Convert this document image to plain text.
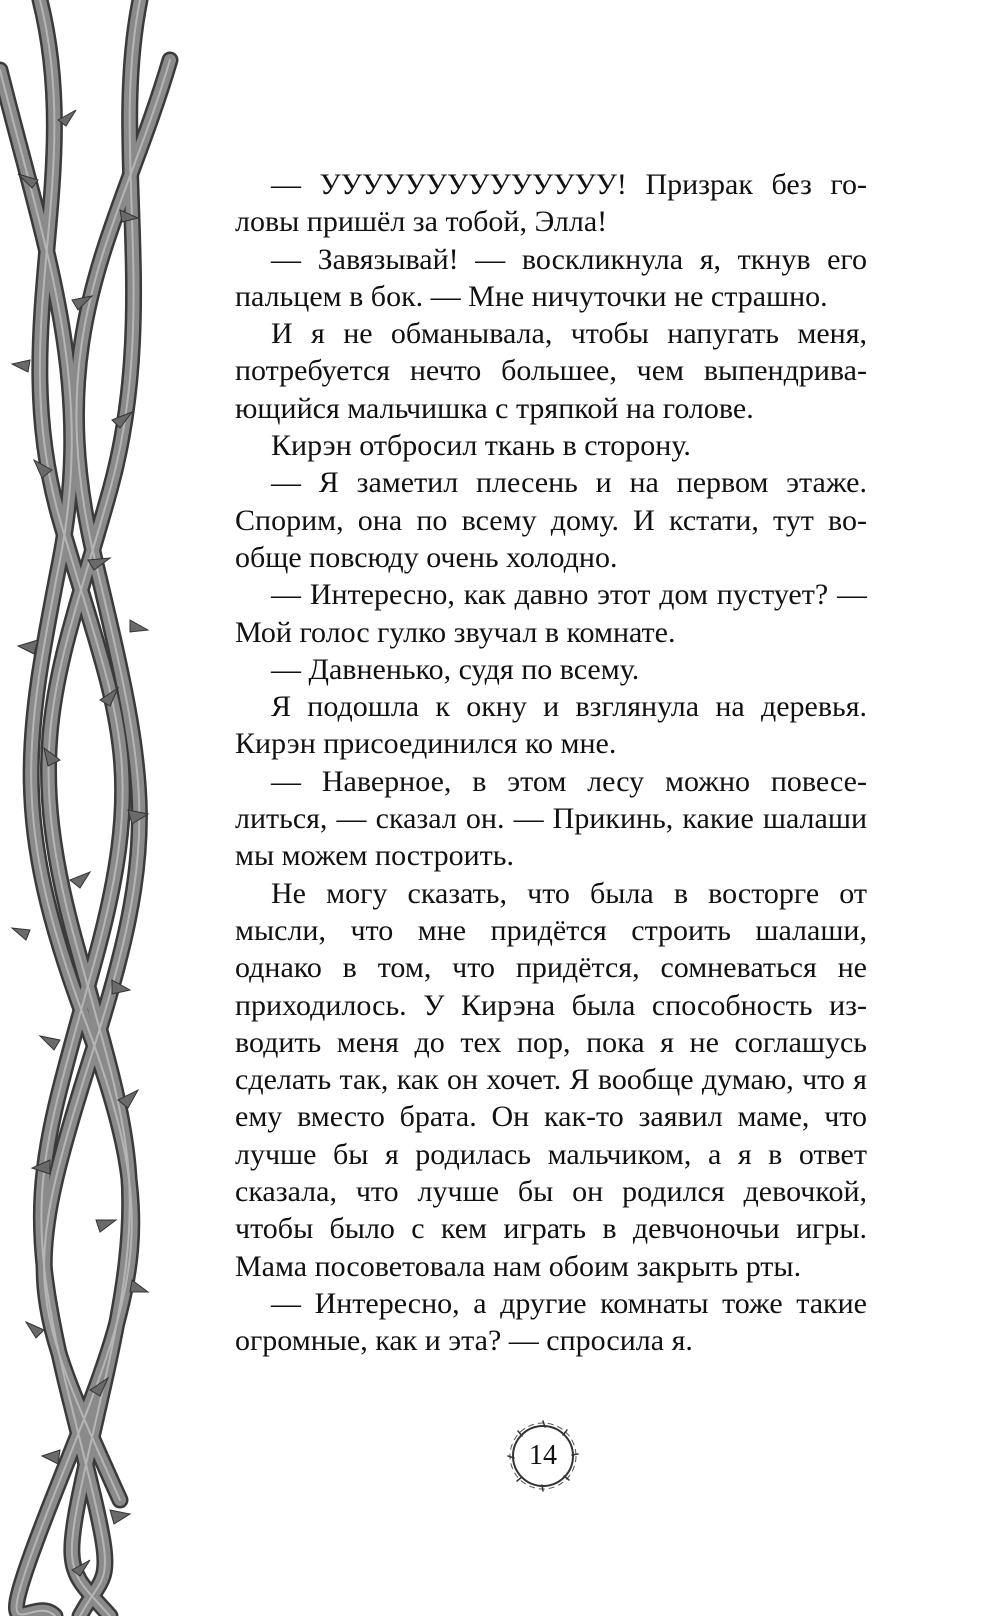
— УУУУУУУУУУУУУУ! Призрак без головы пришёл за тобой, Элла!

— Завязывай! — воскликнула я, ткнув его пальцем в бок. — Мне ничуточки не страшно.

И я не обманывала, чтобы напугать меня, потребуется нечто большее, чем выпендривающийся мальчишка с тряпкой на голове.

Кирэн отбросил ткань в сторону.

— Я заметил плесень и на первом этаже. Спорим, она по всему дому. И кстати, тут вообще повсюду очень холодно.

— Интересно, как давно этот дом пустует? — Мой голос гулко звучал в комнате.

— Давненько, судя по всему.

Я подошла к окну и взглянула на деревья. Кирэн присоединился ко мне.

— Наверное, в этом лесу можно повеселиться, — сказал он. — Прикинь, какие шалаши мы можем построить.

Не могу сказать, что была в восторге от мысли, что мне придётся строить шалаши, однако в том, что придётся, сомневаться не приходилось. У Кирэна была способность изводить меня до тех пор, пока я не соглашусь сделать так, как он хочет. Я вообще думаю, что я ему вместо брата. Он как-то заявил маме, что лучше бы я родилась мальчиком, а я в ответ сказала, что лучше бы он родился девочкой, чтобы было с кем играть в девчоночьи игры. Мама посоветовала нам обоим закрыть рты.

— Интересно, а другие комнаты тоже такие огромные, как и эта? — спросила я.

14
